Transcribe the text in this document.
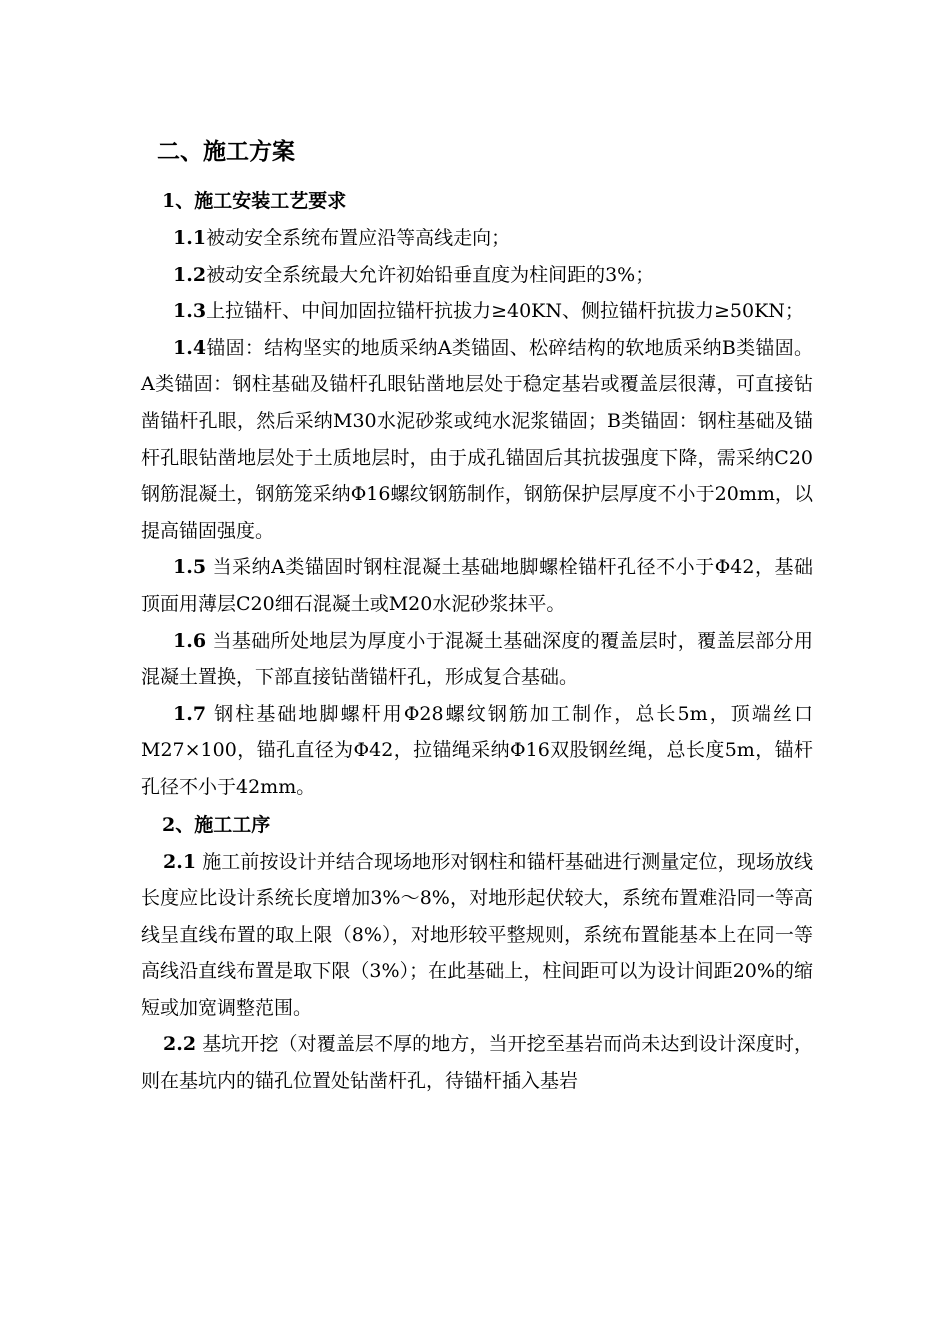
二、施工方案
1、施工安装工艺要求

1.1被动安全系统布置应沿等高线走向；

1.2被动安全系统最大允许初始铅垂直度为柱间距的3%；

1.3上拉锚杆、中间加固拉锚杆抗拔力≥40KN、侧拉锚杆抗拔力≥50KN；

1.4锚固：结构坚实的地质采纳A类锚固、松碎结构的软地质采纳B类锚固。A类锚固：钢柱基础及锚杆孔眼钻凿地层处于稳定基岩或覆盖层很薄，可直接钻凿锚杆孔眼，然后采纳M30水泥砂浆或纯水泥浆锚固；B类锚固：钢柱基础及锚杆孔眼钻凿地层处于土质地层时，由于成孔锚固后其抗拔强度下降，需采纳C20钢筋混凝土，钢筋笼采纳Φ16螺纹钢筋制作，钢筋保护层厚度不小于20mm，以提高锚固强度。

1.5 当采纳A类锚固时钢柱混凝土基础地脚螺栓锚杆孔径不小于Φ42，基础顶面用薄层C20细石混凝土或M20水泥砂浆抹平。

1.6 当基础所处地层为厚度小于混凝土基础深度的覆盖层时，覆盖层部分用混凝土置换，下部直接钻凿锚杆孔，形成复合基础。

1.7 钢柱基础地脚螺杆用Φ28螺纹钢筋加工制作，总长5m，顶端丝口M27×100，锚孔直径为Φ42，拉锚绳采纳Φ16双股钢丝绳，总长度5m，锚杆孔径不小于42mm。

2、施工工序

2.1 施工前按设计并结合现场地形对钢柱和锚杆基础进行测量定位，现场放线长度应比设计系统长度增加3%～8%，对地形起伏较大，系统布置难沿同一等高线呈直线布置的取上限（8%），对地形较平整规则，系统布置能基本上在同一等高线沿直线布置是取下限（3%）；在此基础上，柱间距可以为设计间距20%的缩短或加宽调整范围。

2.2 基坑开挖（对覆盖层不厚的地方，当开挖至基岩而尚未达到设计深度时，则在基坑内的锚孔位置处钻凿杆孔，待锚杆插入基岩
